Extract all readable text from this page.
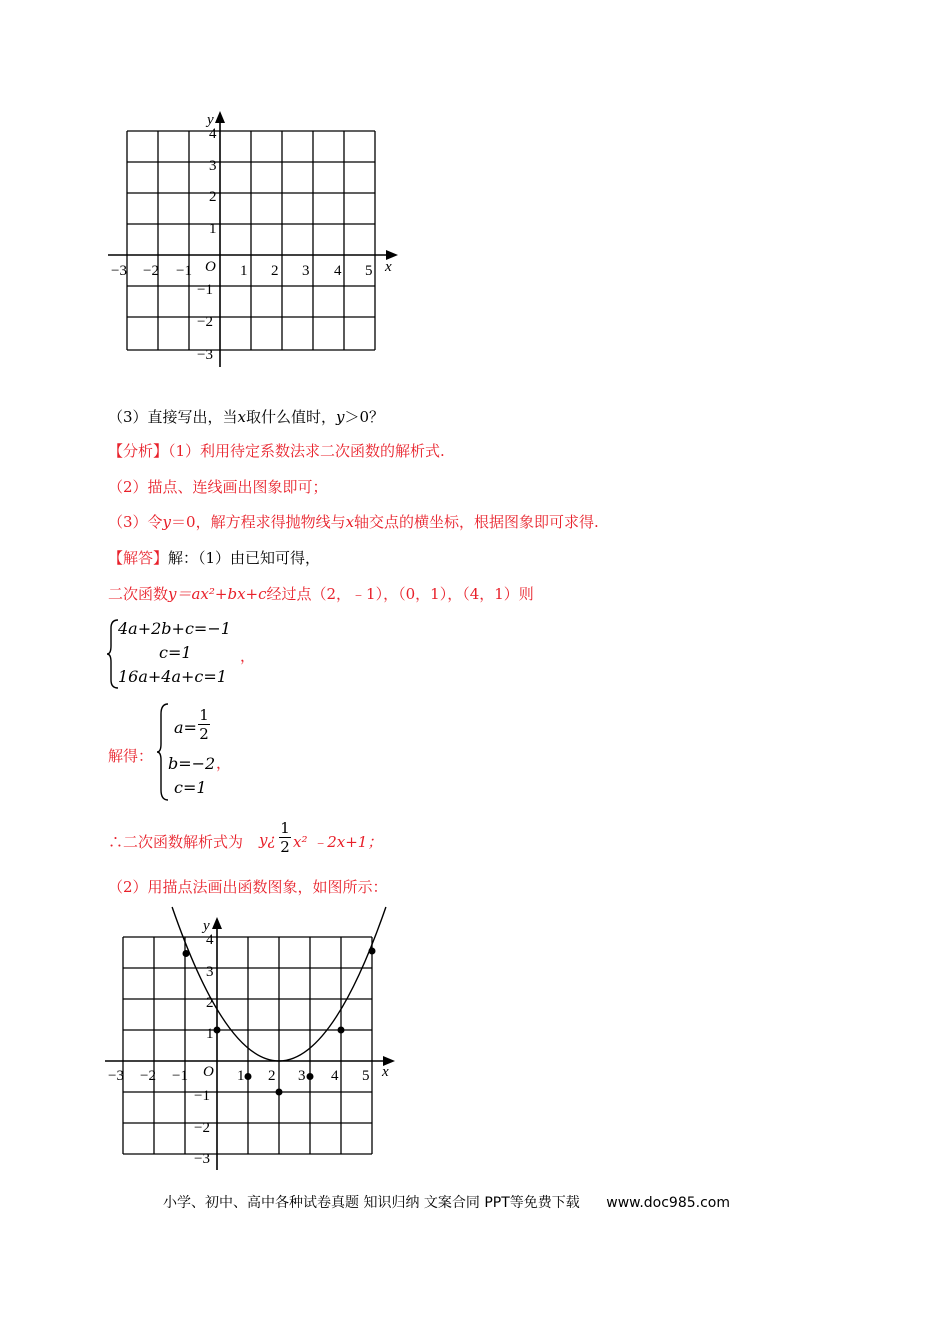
x
y
O
−3 −2 −1	1 2 3 4 5
4
3
2
1
−1
−2
−3
（3）直接写出，当x取什么值时，y＞0？
【分析】（1）利用待定系数法求二次函数的解析式.
（2）描点、连线画出图象即可；
（3）令y＝0，解方程求得抛物线与x轴交点的横坐标，根据图象即可求得.
【解答】解：（1）由已知可得，
二次函数y＝ax²+bx+c经过点（2，﹣1），（0，1），（4，1）则
4a+2b+c=−1
c=1
16a+4a+c=1
，
解得：
$a= \frac{1}{2}$
b=−2
c=1
，
∴二次函数解析式为 y¿ $\frac{1}{2} x^2$ ﹣2x+1；
（2）用描点法画出函数图象，如图所示：
x
y
O
−3 −2 −1	1 2 3 4 5
4
3
2
1
−1
−2
−3
小学、初中、高中各种试卷真题 知识归纳 文案合同 PPT等免费下载 www.doc985.com
